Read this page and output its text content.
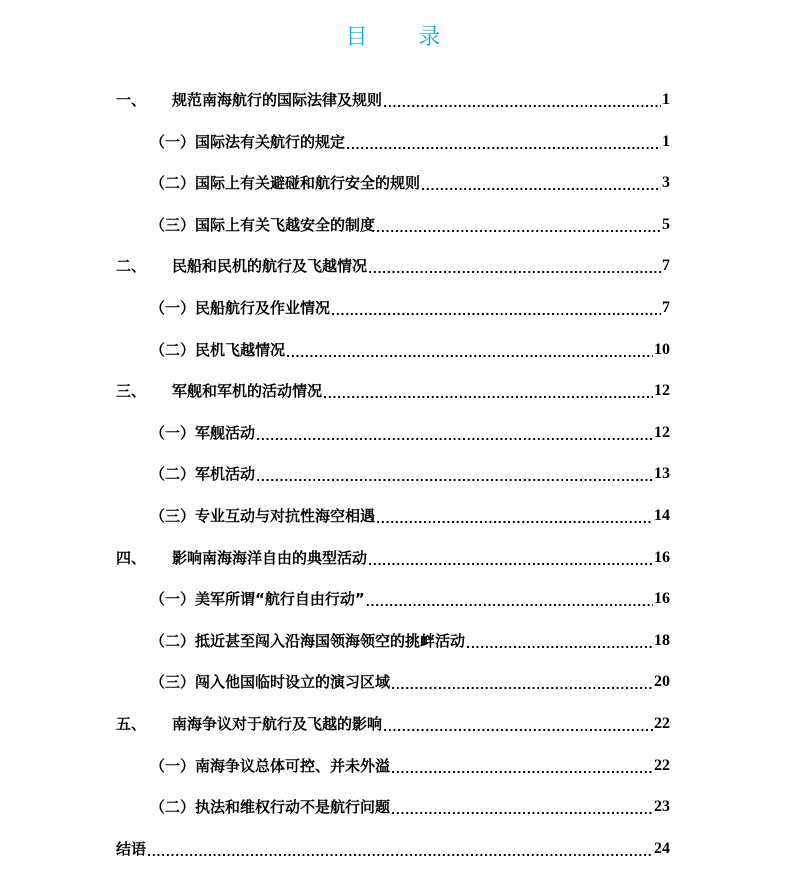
目 录
一、	规范南海航行的国际法律及规则 .....	1
（一） 国际法有关航行的规定 .....	1
（二） 国际上有关避碰和航行安全的规则 .....	3
（三） 国际上有关飞越安全的制度 .....	5
二、	民船和民机的航行及飞越情况 .....	7
（一） 民船航行及作业情况 .....	7
（二） 民机飞越情况 .....	10
三、	军舰和军机的活动情况 .....	12
（一） 军舰活动 .....	12
（二） 军机活动 .....	13
（三） 专业互动与对抗性海空相遇 .....	14
四、	影响南海海洋自由的典型活动 .....	16
（一） 美军所谓“航行自由行动” .....	16
（二） 抵近甚至闯入沿海国领海领空的挑衅活动 .....	18
（三） 闯入他国临时设立的演习区域 .....	20
五、	南海争议对于航行及飞越的影响 .....	22
（一） 南海争议总体可控、并未外溢 .....	22
（二） 执法和维权行动不是航行问题 .....	23
结语 .....	24
